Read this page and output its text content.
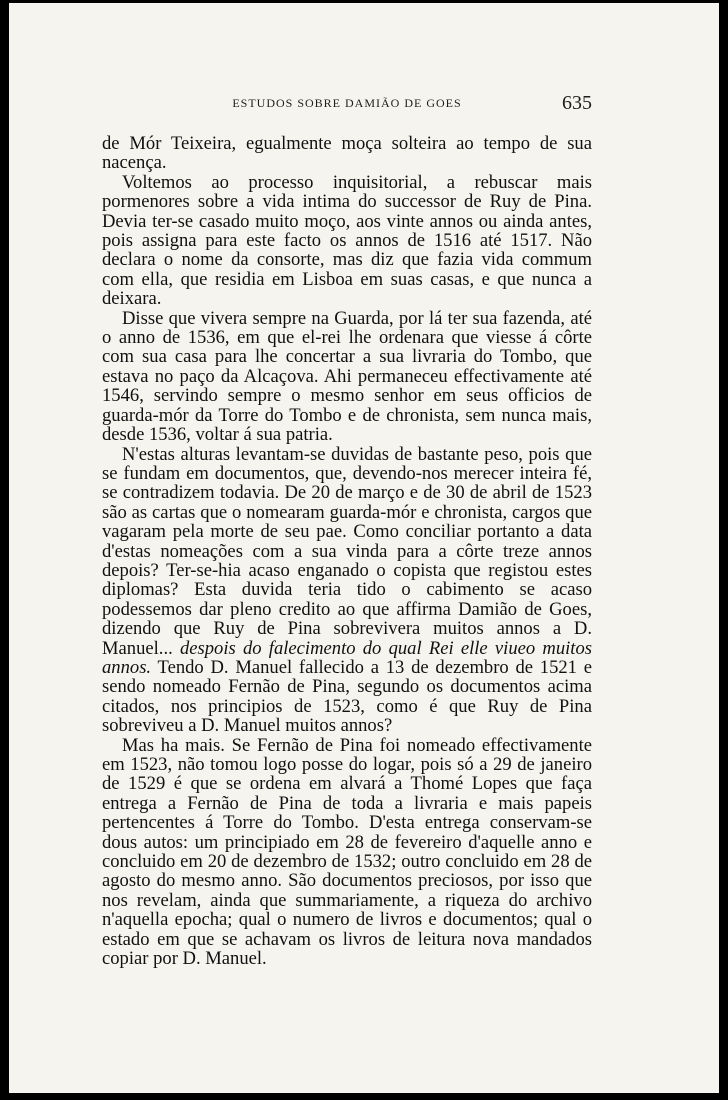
ESTUDOS SOBRE DAMIÃO DE GOES	635

de Mór Teixeira, egualmente moça solteira ao tempo de sua nacença.

Voltemos ao processo inquisitorial, a rebuscar mais pormenores sobre a vida intima do successor de Ruy de Pina. Devia ter-se casado muito moço, aos vinte annos ou ainda antes, pois assigna para este facto os annos de 1516 até 1517. Não declara o nome da consorte, mas diz que fazia vida commum com ella, que residia em Lisboa em suas casas, e que nunca a deixara.

Disse que vivera sempre na Guarda, por lá ter sua fazenda, até o anno de 1536, em que el-rei lhe ordenara que viesse á côrte com sua casa para lhe concertar a sua livraria do Tombo, que estava no paço da Alcaçova. Ahi permaneceu effectivamente até 1546, servindo sempre o mesmo senhor em seus officios de guarda-mór da Torre do Tombo e de chronista, sem nunca mais, desde 1536, voltar á sua patria.

N'estas alturas levantam-se duvidas de bastante peso, pois que se fundam em documentos, que, devendo-nos merecer inteira fé, se contradizem todavia. De 20 de março e de 30 de abril de 1523 são as cartas que o nomearam guarda-mór e chronista, cargos que vagaram pela morte de seu pae. Como conciliar portanto a data d'estas nomeações com a sua vinda para a côrte treze annos depois? Ter-se-hia acaso enganado o copista que registou estes diplomas? Esta duvida teria tido o cabimento se acaso podessemos dar pleno credito ao que affirma Damião de Goes, dizendo que Ruy de Pina sobrevivera muitos annos a D. Manuel... despois do falecimento do qual Rei elle viueo muitos annos. Tendo D. Manuel fallecido a 13 de dezembro de 1521 e sendo nomeado Fernão de Pina, segundo os documentos acima citados, nos principios de 1523, como é que Ruy de Pina sobreviveu a D. Manuel muitos annos?

Mas ha mais. Se Fernão de Pina foi nomeado effectivamente em 1523, não tomou logo posse do logar, pois só a 29 de janeiro de 1529 é que se ordena em alvará a Thomé Lopes que faça entrega a Fernão de Pina de toda a livraria e mais papeis pertencentes á Torre do Tombo. D'esta entrega conservam-se dous autos: um principiado em 28 de fevereiro d'aquelle anno e concluido em 20 de dezembro de 1532; outro concluido em 28 de agosto do mesmo anno. São documentos preciosos, por isso que nos revelam, ainda que summariamente, a riqueza do archivo n'aquella epocha; qual o numero de livros e documentos; qual o estado em que se achavam os livros de leitura nova mandados copiar por D. Manuel.
